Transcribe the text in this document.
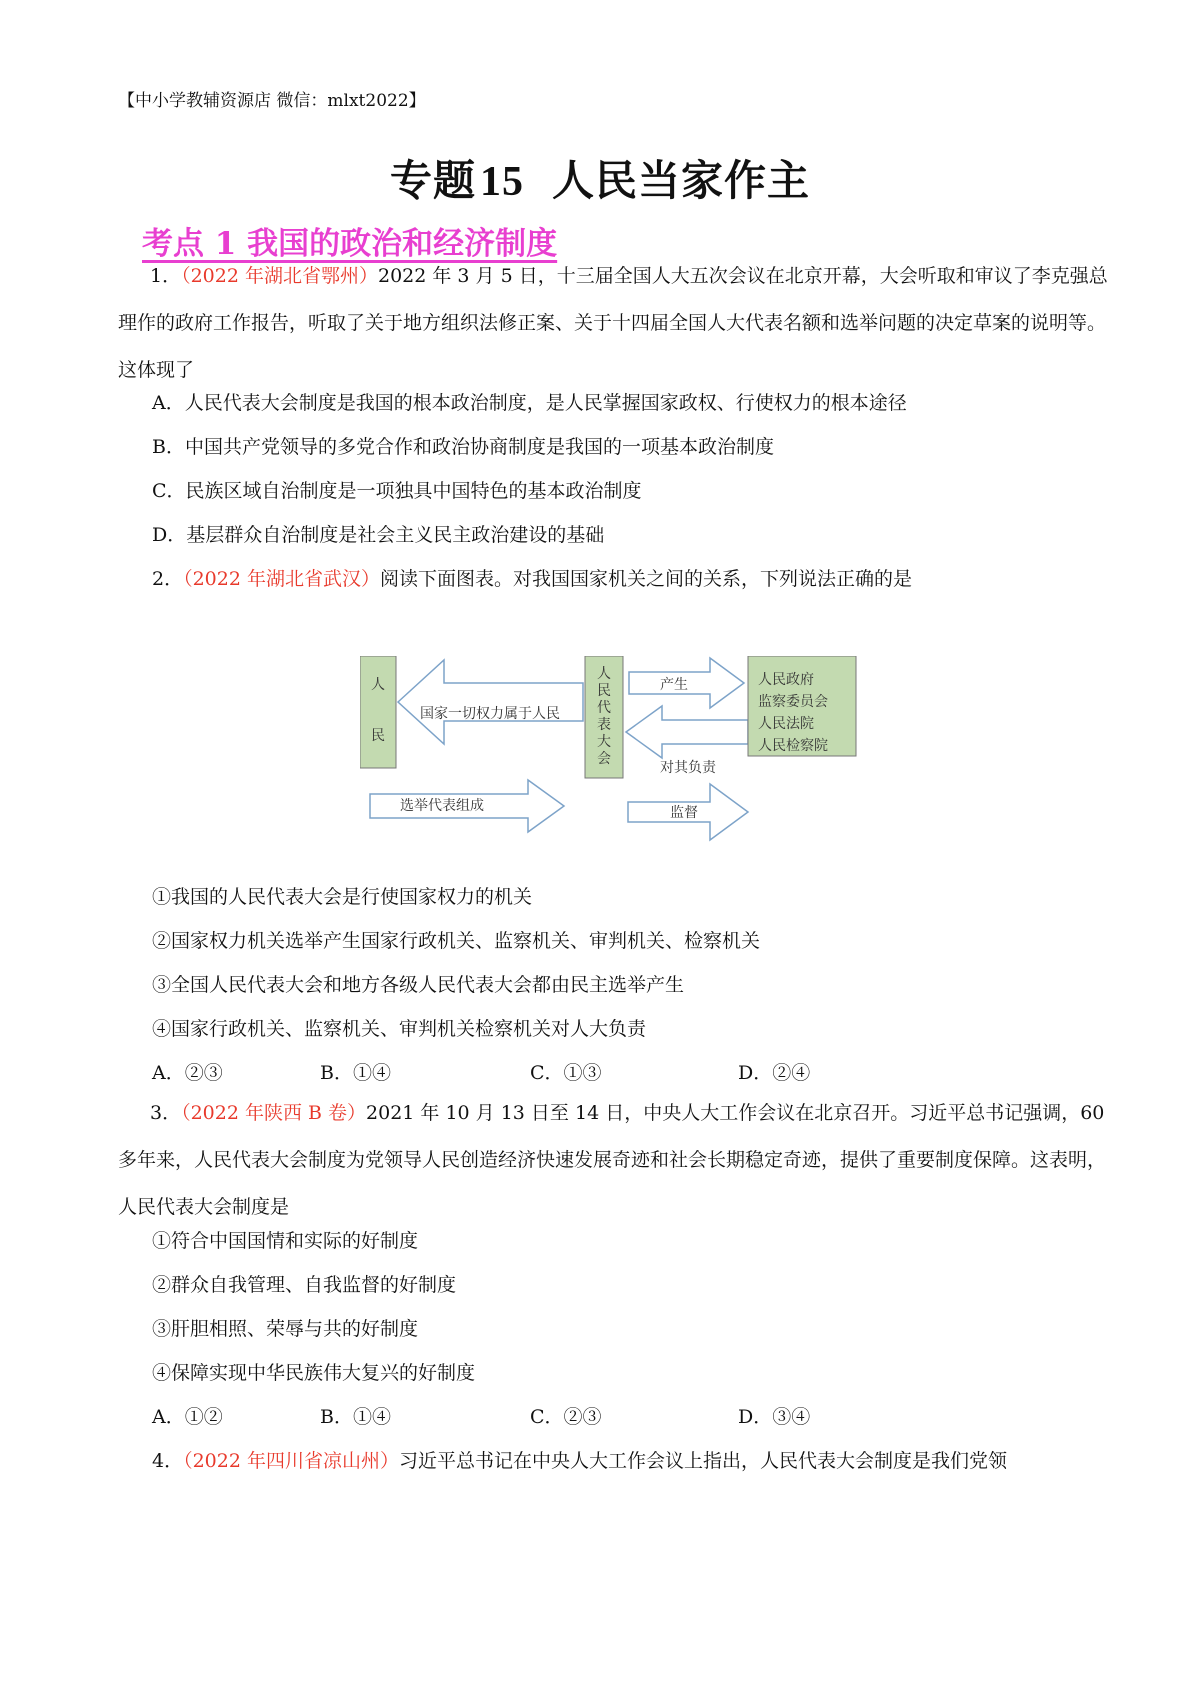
【中小学教辅资源店 微信：mlxt2022】
专题15 人民当家作主
考点 1 我国的政治和经济制度
1．（2022 年湖北省鄂州）2022 年 3 月 5 日，十三届全国人大五次会议在北京开幕，大会听取和审议了李克强总理作的政府工作报告，听取了关于地方组织法修正案、关于十四届全国人大代表名额和选举问题的决定草案的说明等。这体现了
A．人民代表大会制度是我国的根本政治制度，是人民掌握国家政权、行使权力的根本途径
B．中国共产党领导的多党合作和政治协商制度是我国的一项基本政治制度
C．民族区域自治制度是一项独具中国特色的基本政治制度
D．基层群众自治制度是社会主义民主政治建设的基础
2．（2022 年湖北省武汉）阅读下面图表。对我国国家机关之间的关系，下列说法正确的是
人
民
国家一切权力属于人民
人
民
代
表
大
会
产生
对其负责
人民政府
监察委员会
人民法院
人民检察院
选举代表组成	监督
①我国的人民代表大会是行使国家权力的机关
②国家权力机关选举产生国家行政机关、监察机关、审判机关、检察机关
③全国人民代表大会和地方各级人民代表大会都由民主选举产生
④国家行政机关、监察机关、审判机关检察机关对人大负责
A．②③	B．①④	C．①③	D．②④
3．（2022 年陕西 B 卷）2021 年 10 月 13 日至 14 日，中央人大工作会议在北京召开。习近平总书记强调，60 多年来，人民代表大会制度为党领导人民创造经济快速发展奇迹和社会长期稳定奇迹，提供了重要制度保障。这表明，人民代表大会制度是
①符合中国国情和实际的好制度
②群众自我管理、自我监督的好制度
③肝胆相照、荣辱与共的好制度
④保障实现中华民族伟大复兴的好制度
A．①②	B．①④	C．②③	D．③④
4．（2022 年四川省凉山州）习近平总书记在中央人大工作会议上指出，人民代表大会制度是我们党领
